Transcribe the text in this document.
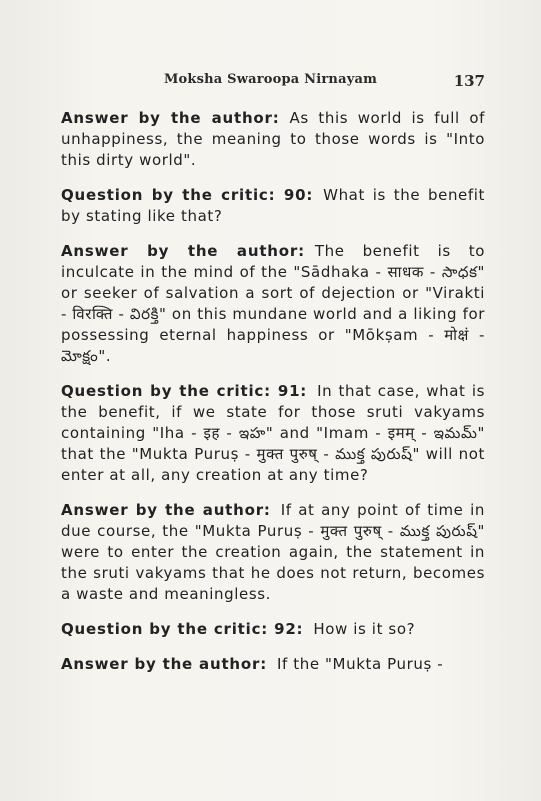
Moksha Swaroopa Nirnayam	137

Answer by the author: As this world is full of unhappiness, the meaning to those words is "Into this dirty world".

Question by the critic: 90: What is the benefit by stating like that?

Answer by the author: The benefit is to inculcate in the mind of the "Sādhaka - साधक - సాధక" or seeker of salvation a sort of dejection or "Virakti - विरक्ति - విరక్తి" on this mundane world and a liking for possessing eternal happiness or "Mōkṣam - मोक्षं - మోక్షం".

Question by the critic: 91: In that case, what is the benefit, if we state for those sruti vakyams containing "Iha - इह - ఇహ" and "Imam - इमम् - ఇమమ్" that the "Mukta Puruṣ - मुक्त पुरुष् - ముక్త పురుష్" will not enter at all, any creation at any time?

Answer by the author: If at any point of time in due course, the "Mukta Puruṣ - मुक्त पुरुष् - ముక్త పురుష్" were to enter the creation again, the statement in the sruti vakyams that he does not return, becomes a waste and meaningless.

Question by the critic: 92: How is it so?

Answer by the author: If the "Mukta Puruṣ -
